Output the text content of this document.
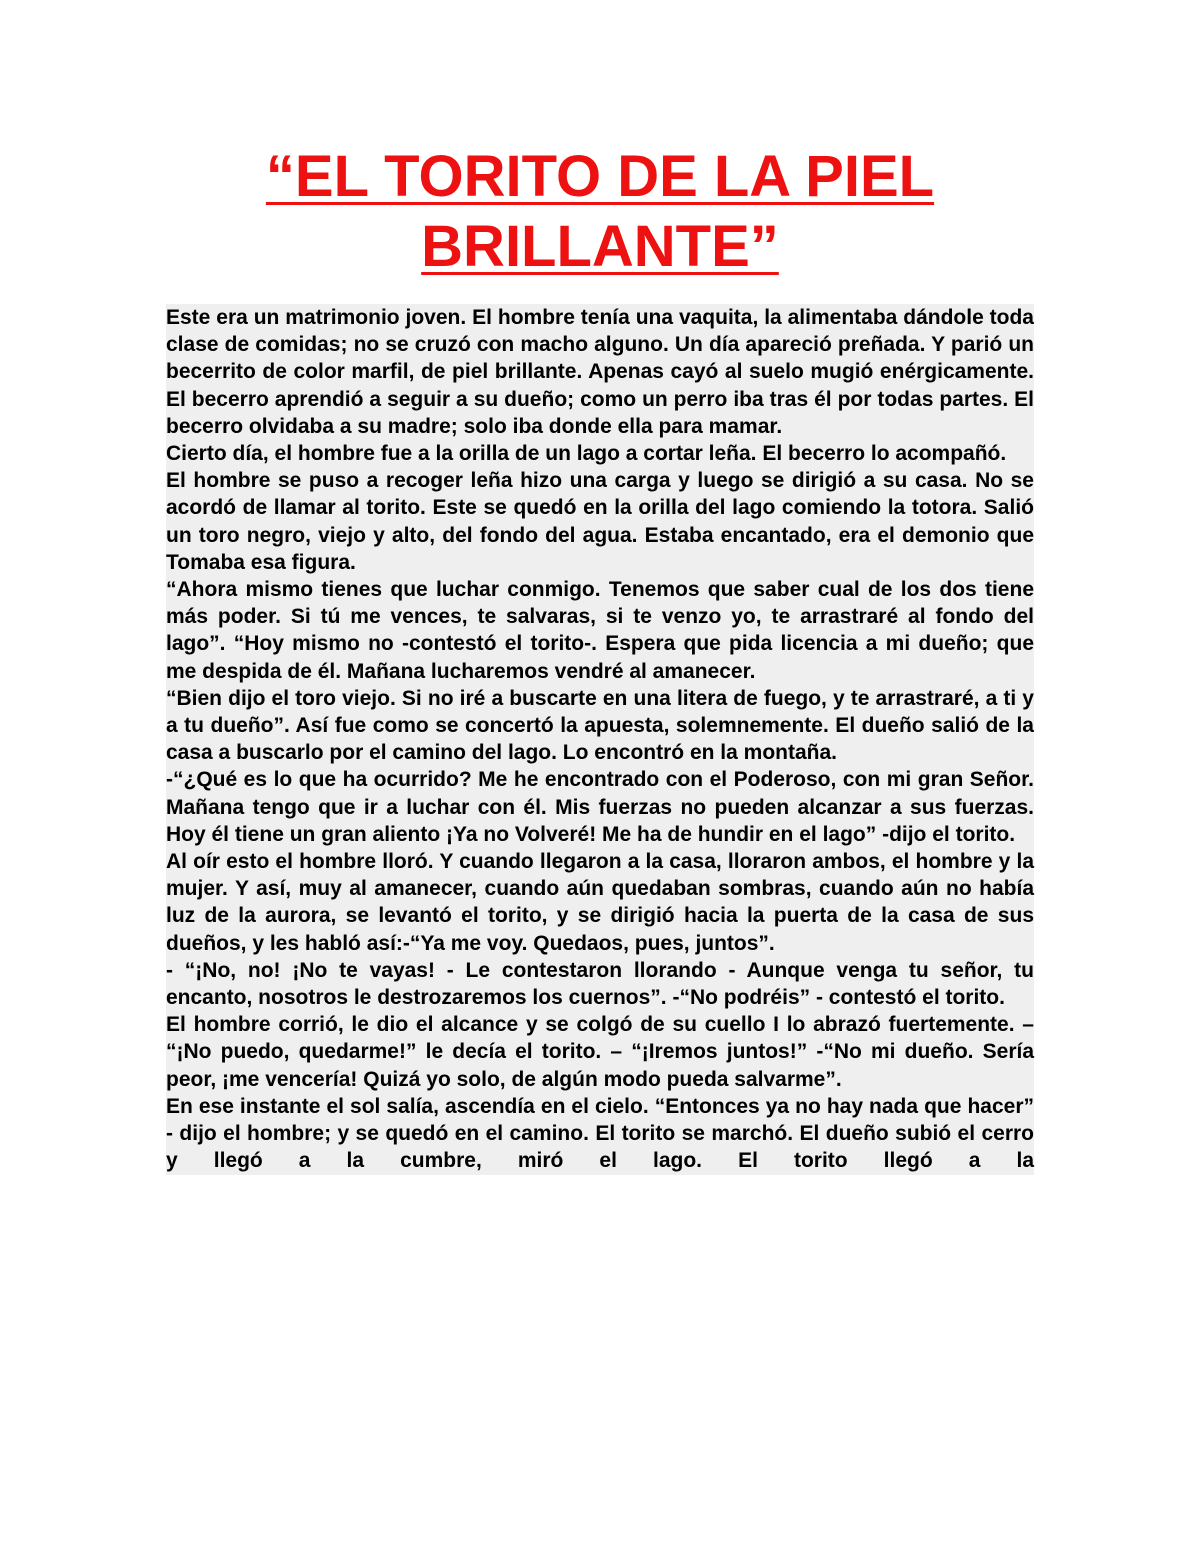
“EL TORITO DE LA PIEL
BRILLANTE”

Este era un matrimonio joven. El hombre tenía una vaquita, la alimentaba dándole toda clase de comidas; no se cruzó con macho alguno. Un día apareció preñada. Y parió un becerrito de color marfil, de piel brillante. Apenas cayó al suelo mugió enérgicamente. El becerro aprendió a seguir a su dueño; como un perro iba tras él por todas partes. El becerro olvidaba a su madre; solo iba donde ella para mamar.

Cierto día, el hombre fue a la orilla de un lago a cortar leña. El becerro lo acompañó.

El hombre se puso a recoger leña hizo una carga y luego se dirigió a su casa. No se acordó de llamar al torito. Este se quedó en la orilla del lago comiendo la totora. Salió un toro negro, viejo y alto, del fondo del agua. Estaba encantado, era el demonio que Tomaba esa figura.

“Ahora mismo tienes que luchar conmigo. Tenemos que saber cual de los dos tiene más poder. Si tú me vences, te salvaras, si te venzo yo, te arrastraré al fondo del lago”. “Hoy mismo no -contestó el torito-. Espera que pida licencia a mi dueño; que me despida de él. Mañana lucharemos vendré al amanecer.

“Bien dijo el toro viejo. Si no iré a buscarte en una litera de fuego, y te arrastraré, a ti y a tu dueño”. Así fue como se concertó la apuesta, solemnemente. El dueño salió de la casa a buscarlo por el camino del lago. Lo encontró en la montaña.

-“¿Qué es lo que ha ocurrido? Me he encontrado con el Poderoso, con mi gran Señor. Mañana tengo que ir a luchar con él. Mis fuerzas no pueden alcanzar a sus fuerzas. Hoy él tiene un gran aliento ¡Ya no Volveré! Me ha de hundir en el lago” -dijo el torito.

Al oír esto el hombre lloró. Y cuando llegaron a la casa, lloraron ambos, el hombre y la mujer. Y así, muy al amanecer, cuando aún quedaban sombras, cuando aún no había luz de la aurora, se levantó el torito, y se dirigió hacia la puerta de la casa de sus dueños, y les habló así:-“Ya me voy. Quedaos, pues, juntos”.

- “¡No, no! ¡No te vayas! - Le contestaron llorando - Aunque venga tu señor, tu encanto, nosotros le destrozaremos los cuernos”. -“No podréis” - contestó el torito.

El hombre corrió, le dio el alcance y se colgó de su cuello I lo abrazó fuertemente. – “¡No puedo, quedarme!” le decía el torito. – “¡Iremos juntos!” -“No mi dueño. Sería peor, ¡me vencería! Quizá yo solo, de algún modo pueda salvarme”.

En ese instante el sol salía, ascendía en el cielo. “Entonces ya no hay nada que hacer” - dijo el hombre; y se quedó en el camino. El torito se marchó. El dueño subió el cerro y llegó a la cumbre, miró el lago. El torito llegó a la
